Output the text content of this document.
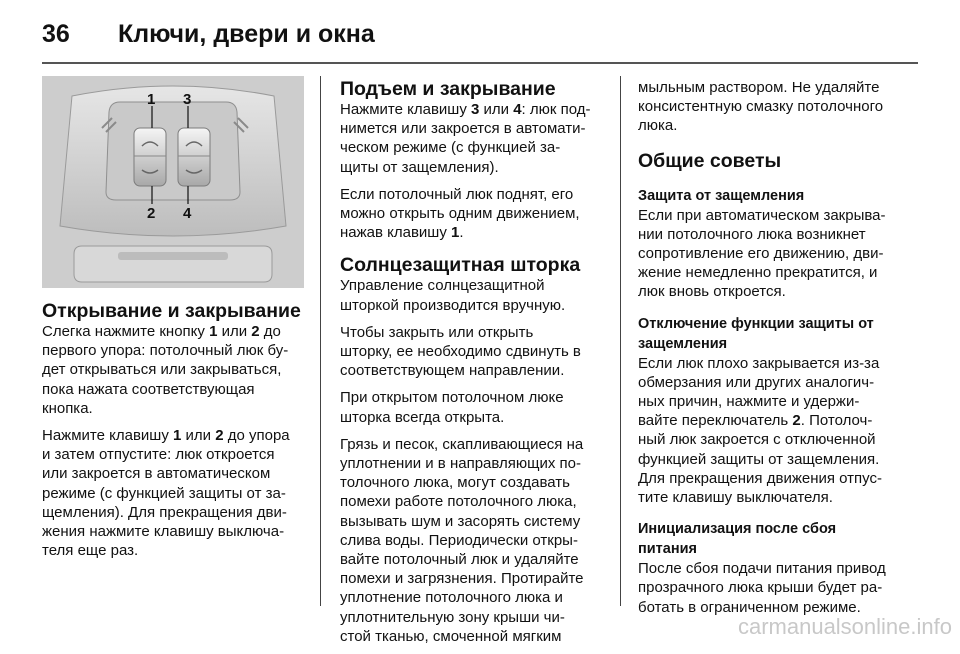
36 Ключи, двери и окна
1 3
2 4
Открывание и закрывание

Слегка нажмите кнопку 1 или 2 до
первого упора: потолочный люк бу-
дет открываться или закрываться,
пока нажата соответствующая
кнопка.

Нажмите клавишу 1 или 2 до упора
и затем отпустите: люк откроется
или закроется в автоматическом
режиме (с функцией защиты от за-
щемления). Для прекращения дви-
жения нажмите клавишу выключа-
теля еще раз.

Подъем и закрывание

Нажмите клавишу 3 или 4: люк под-
нимется или закроется в автомати-
ческом режиме (с функцией за-
щиты от защемления).

Если потолочный люк поднят, его
можно открыть одним движением,
нажав клавишу 1.

Солнцезащитная шторка

Управление солнцезащитной
шторкой производится вручную.

Чтобы закрыть или открыть
шторку, ее необходимо сдвинуть в
соответствующем направлении.

При открытом потолочном люке
шторка всегда открыта.

Грязь и песок, скапливающиеся на
уплотнении и в направляющих по-
толочного люка, могут создавать
помехи работе потолочного люка,
вызывать шум и засорять систему
слива воды. Периодически откры-
вайте потолочный люк и удаляйте
помехи и загрязнения. Протирайте
уплотнение потолочного люка и
уплотнительную зону крыши чи-
стой тканью, смоченной мягким

мыльным раствором. Не удаляйте
консистентную смазку потолочного
люка.

Общие советы
Защита от защемления

Если при автоматическом закрыва-
нии потолочного люка возникнет
сопротивление его движению, дви-
жение немедленно прекратится, и
люк вновь откроется.

Отключение функции защиты от
защемления

Если люк плохо закрывается из-за
обмерзания или других аналогич-
ных причин, нажмите и удержи-
вайте переключатель 2. Потолоч-
ный люк закроется с отключенной
функцией защиты от защемления.
Для прекращения движения отпус-
тите клавишу выключателя.

Инициализация после сбоя
питания

После сбоя подачи питания привод
прозрачного люка крыши будет ра-
ботать в ограниченном режиме.

carmanualsonline.info
